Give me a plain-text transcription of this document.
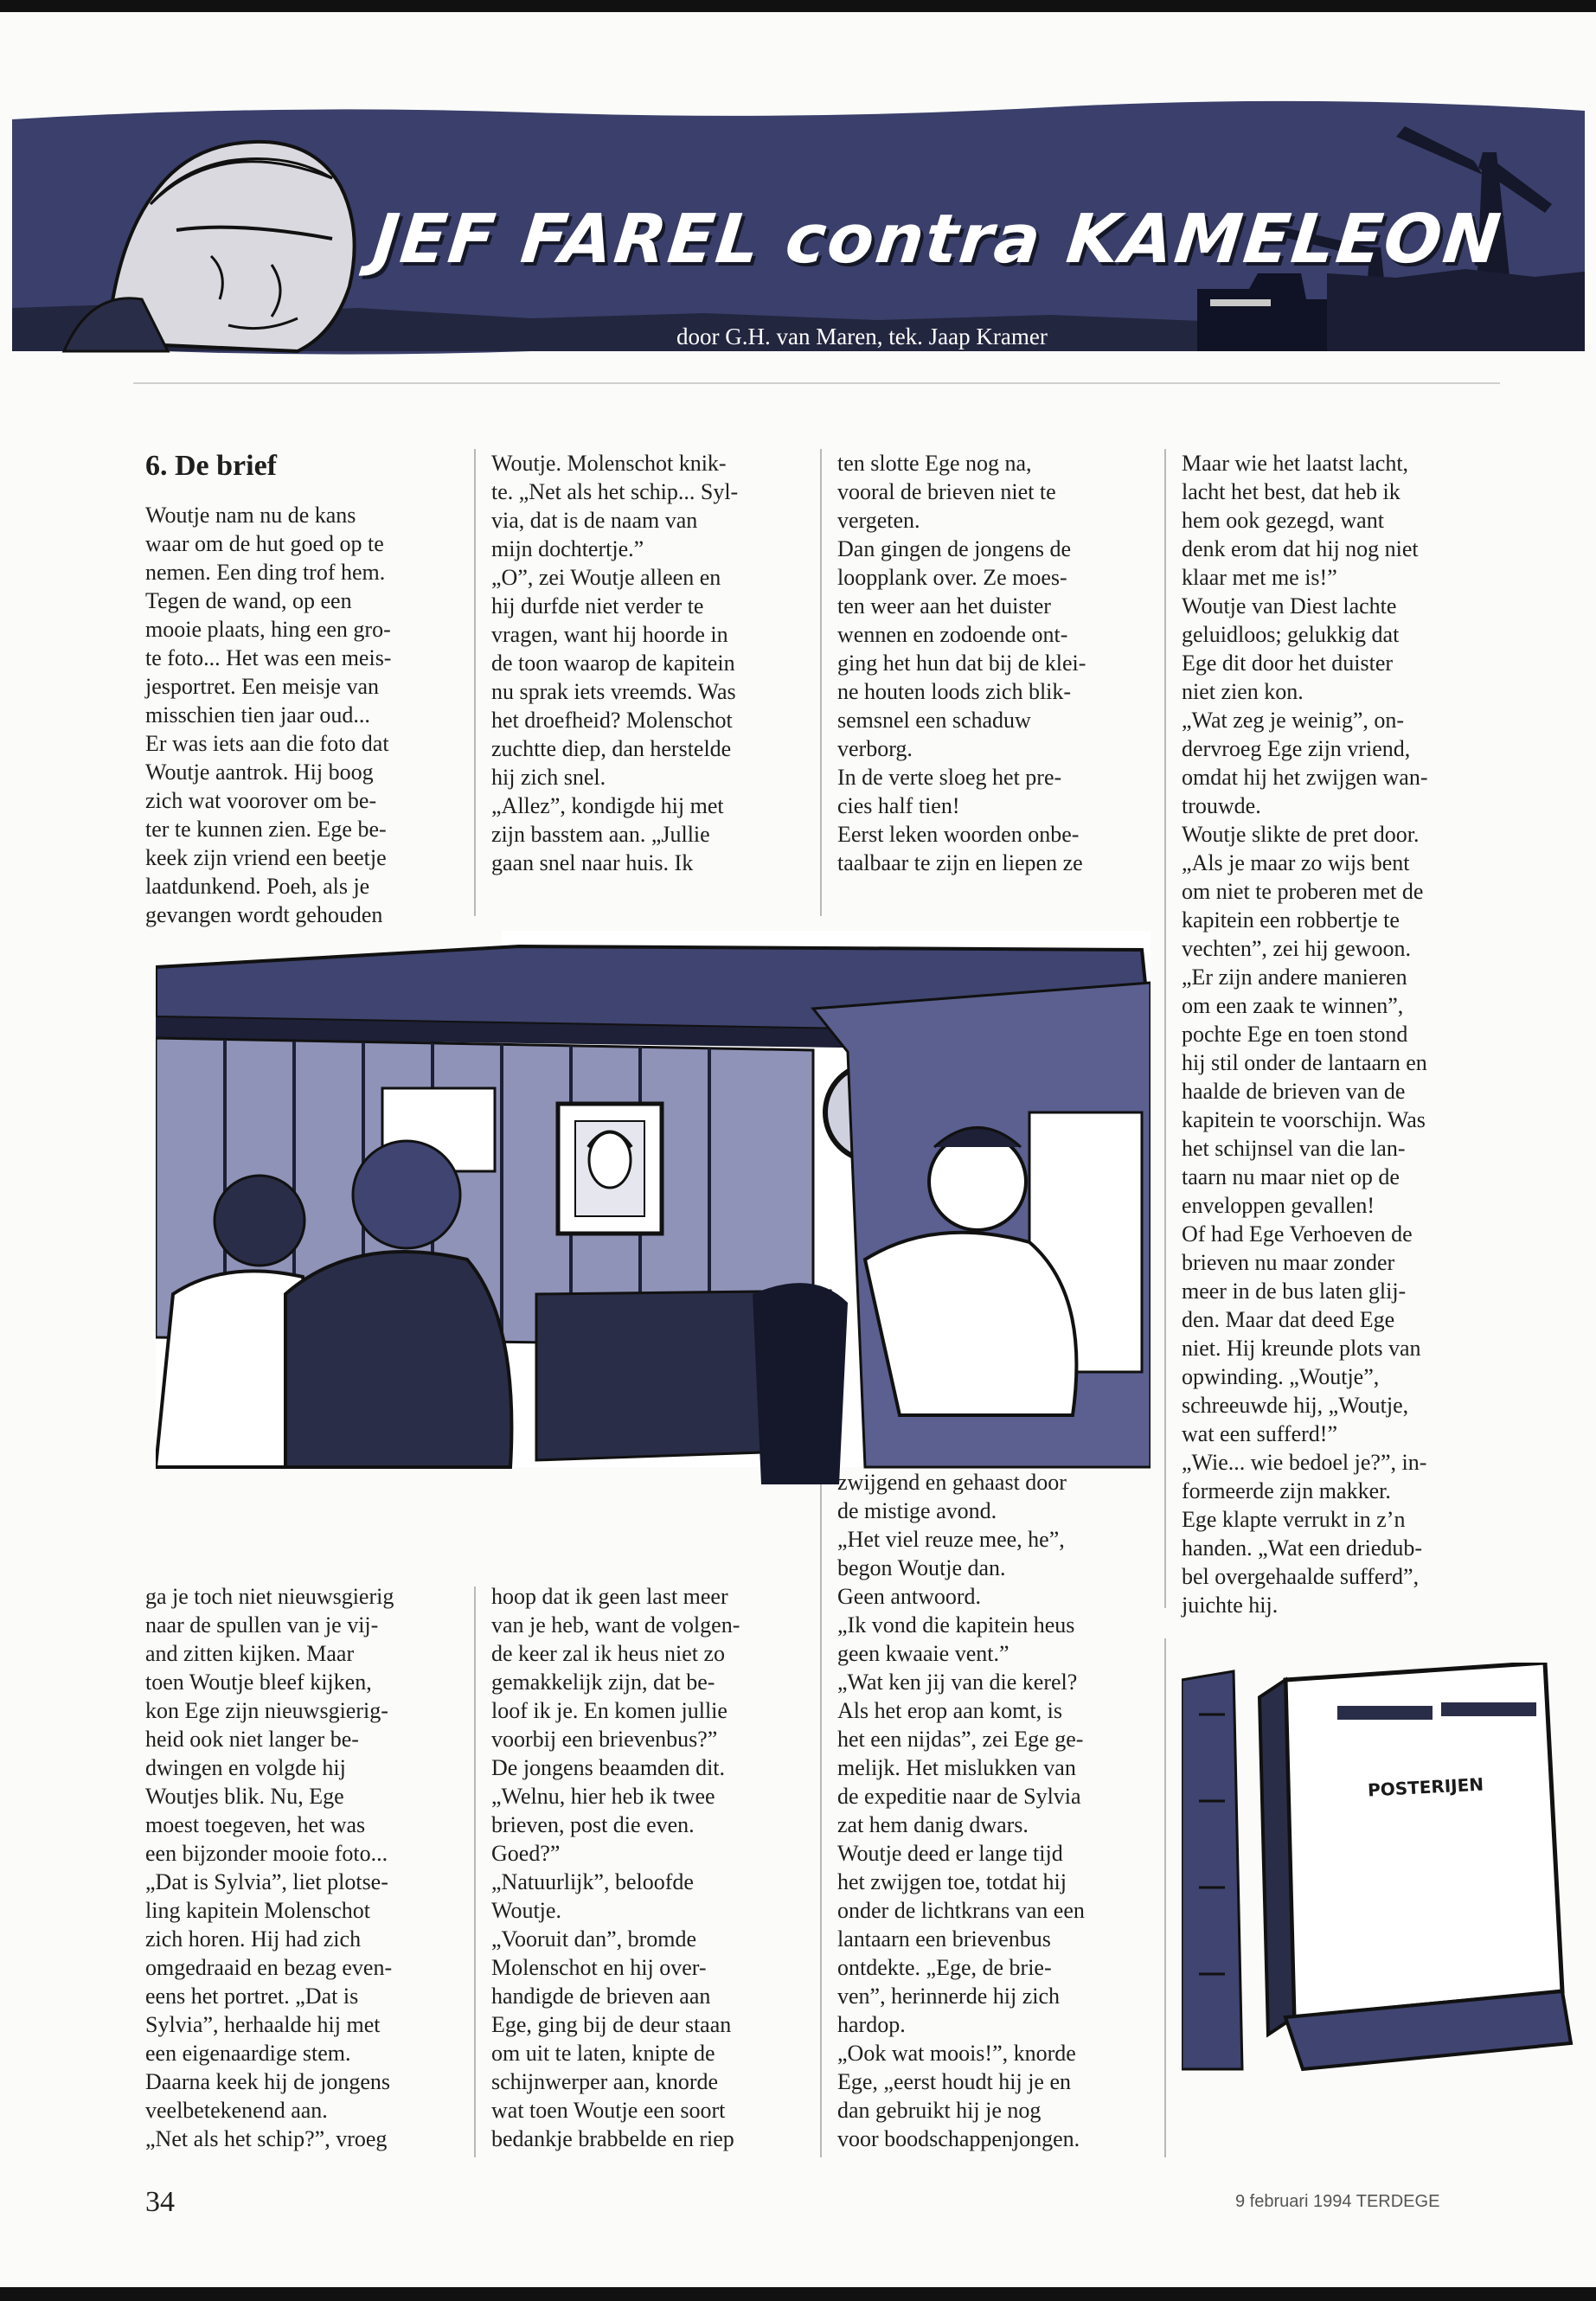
JEF FAREL contra KAMELEON

door G.H. van Maren, tek. Jaap Kramer

6. De brief

Woutje nam nu de kans

waar om de hut goed op te

nemen. Een ding trof hem.

Tegen de wand, op een

mooie plaats, hing een gro-

te foto... Het was een meis-

jesportret. Een meisje van

misschien tien jaar oud...

Er was iets aan die foto dat

Woutje aantrok. Hij boog

zich wat voorover om be-

ter te kunnen zien. Ege be-

keek zijn vriend een beetje

laatdunkend. Poeh, als je

gevangen wordt gehouden

Woutje. Molenschot knik-

te. „Net als het schip... Syl-

via, dat is de naam van

mijn dochtertje.”

„O”, zei Woutje alleen en

hij durfde niet verder te

vragen, want hij hoorde in

de toon waarop de kapitein

nu sprak iets vreemds. Was

het droefheid? Molenschot

zuchtte diep, dan herstelde

hij zich snel.

„Allez”, kondigde hij met

zijn basstem aan. „Jullie

gaan snel naar huis. Ik

ten slotte Ege nog na,

vooral de brieven niet te

vergeten.

Dan gingen de jongens de

loopplank over. Ze moes-

ten weer aan het duister

wennen en zodoende ont-

ging het hun dat bij de klei-

ne houten loods zich blik-

semsnel een schaduw

verborg.

In de verte sloeg het pre-

cies half tien!

Eerst leken woorden onbe-

taalbaar te zijn en liepen ze

Maar wie het laatst lacht,

lacht het best, dat heb ik

hem ook gezegd, want

denk erom dat hij nog niet

klaar met me is!”

Woutje van Diest lachte

geluidloos; gelukkig dat

Ege dit door het duister

niet zien kon.

„Wat zeg je weinig”, on-

dervroeg Ege zijn vriend,

omdat hij het zwijgen wan-

trouwde.

Woutje slikte de pret door.

„Als je maar zo wijs bent

om niet te proberen met de

kapitein een robbertje te

vechten”, zei hij gewoon.

„Er zijn andere manieren

om een zaak te winnen”,

pochte Ege en toen stond

hij stil onder de lantaarn en

haalde de brieven van de

kapitein te voorschijn. Was

het schijnsel van die lan-

taarn nu maar niet op de

enveloppen gevallen!

Of had Ege Verhoeven de

brieven nu maar zonder

meer in de bus laten glij-

den. Maar dat deed Ege

niet. Hij kreunde plots van

opwinding. „Woutje”,

schreeuwde hij, „Woutje,

wat een sufferd!”

„Wie... wie bedoel je?”, in-

formeerde zijn makker.

Ege klapte verrukt in z’n

handen. „Wat een driedub-

bel overgehaalde sufferd”,

juichte hij.

ga je toch niet nieuwsgierig

naar de spullen van je vij-

and zitten kijken. Maar

toen Woutje bleef kijken,

kon Ege zijn nieuwsgierig-

heid ook niet langer be-

dwingen en volgde hij

Woutjes blik. Nu, Ege

moest toegeven, het was

een bijzonder mooie foto...

„Dat is Sylvia”, liet plotse-

ling kapitein Molenschot

zich horen. Hij had zich

omgedraaid en bezag even-

eens het portret. „Dat is

Sylvia”, herhaalde hij met

een eigenaardige stem.

Daarna keek hij de jongens

veelbetekenend aan.

„Net als het schip?”, vroeg

hoop dat ik geen last meer

van je heb, want de volgen-

de keer zal ik heus niet zo

gemakkelijk zijn, dat be-

loof ik je. En komen jullie

voorbij een brievenbus?”

De jongens beaamden dit.

„Welnu, hier heb ik twee

brieven, post die even.

Goed?”

„Natuurlijk”, beloofde

Woutje.

„Vooruit dan”, bromde

Molenschot en hij over-

handigde de brieven aan

Ege, ging bij de deur staan

om uit te laten, knipte de

schijnwerper aan, knorde

wat toen Woutje een soort

bedankje brabbelde en riep

zwijgend en gehaast door

de mistige avond.

„Het viel reuze mee, he”,

begon Woutje dan.

Geen antwoord.

„Ik vond die kapitein heus

geen kwaaie vent.”

„Wat ken jij van die kerel?

Als het erop aan komt, is

het een nijdas”, zei Ege ge-

melijk. Het mislukken van

de expeditie naar de Sylvia

zat hem danig dwars.

Woutje deed er lange tijd

het zwijgen toe, totdat hij

onder de lichtkrans van een

lantaarn een brievenbus

ontdekte. „Ege, de brie-

ven”, herinnerde hij zich

hardop.

„Ook wat moois!”, knorde

Ege, „eerst houdt hij je en

dan gebruikt hij je nog

voor boodschappenjongen.

POSTERIJEN

34	9 februari 1994 TERDEGE
